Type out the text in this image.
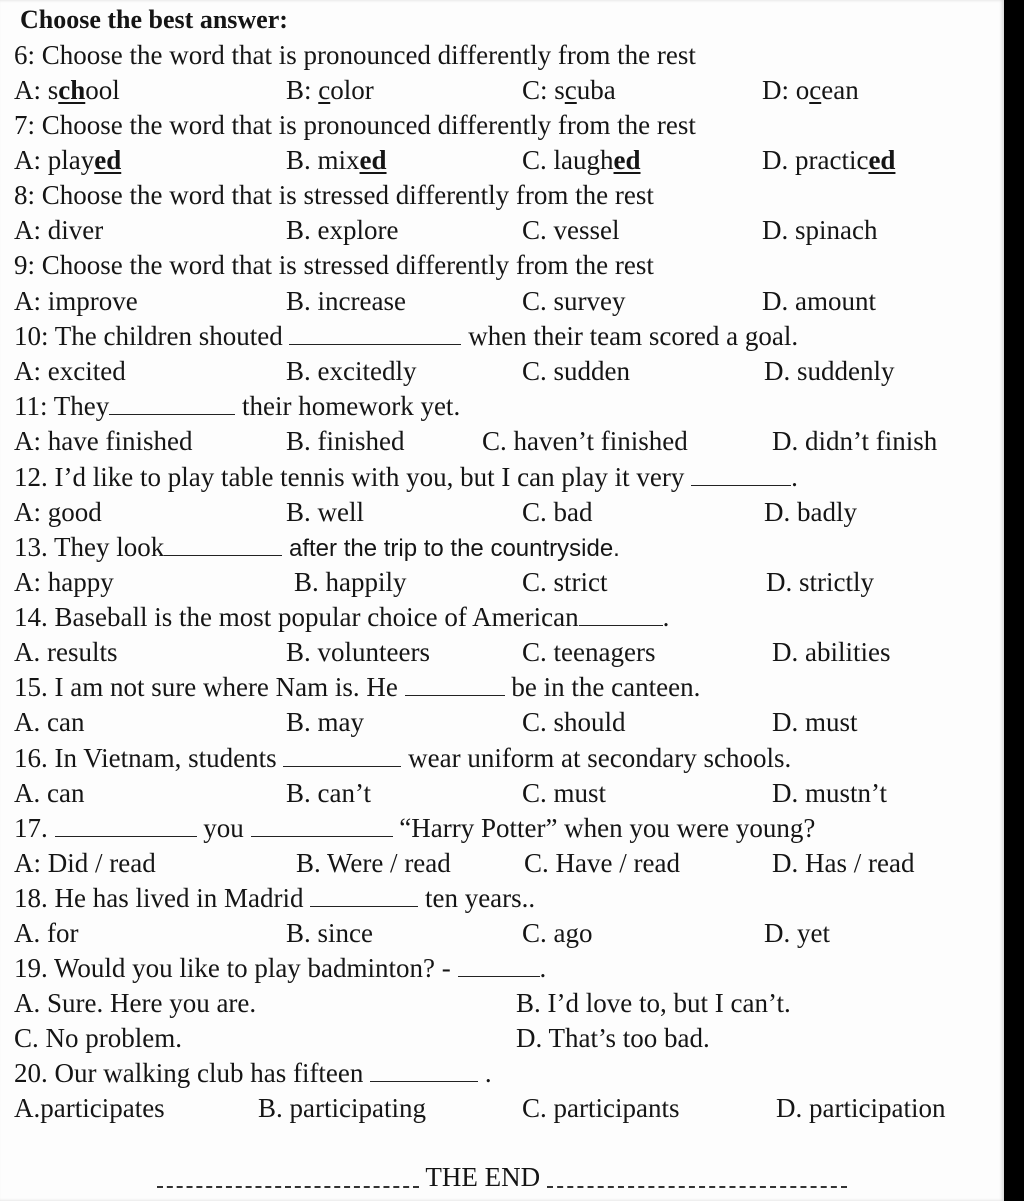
Choose the best answer:
6: Choose the word that is pronounced differently from the rest
A: school	B: color	C: scuba	D: ocean
7: Choose the word that is pronounced differently from the rest
A: played	B. mixed	C. laughed	D. practiced
8: Choose the word that is stressed differently from the rest
A: diver	B. explore	C. vessel	D. spinach
9: Choose the word that is stressed differently from the rest
A: improve	B. increase	C. survey	D. amount
10: The children shouted	when their team scored a goal.
A: excited	B. excitedly	C. sudden	D. suddenly
11: They	their homework yet.
A: have finished	B. finished	C. haven’t finished	D. didn’t finish
12. I’d like to play table tennis with you, but I can play it very	.
A: good	B. well	C. bad	D. badly
13. They look	after the trip to the countryside.
A: happy	B. happily	C. strict	D. strictly
14. Baseball is the most popular choice of American	.
A. results	B. volunteers	C. teenagers	D. abilities
15. I am not sure where Nam is. He	be in the canteen.
A. can	B. may	C. should	D. must
16. In Vietnam, students	wear uniform at secondary schools.
A. can	B. can’t	C. must	D. mustn’t
17.	you	“Harry Potter” when you were young?
A: Did / read	B. Were / read	C. Have / read	D. Has / read
18. He has lived in Madrid	ten years..
A. for	B. since	C. ago	D. yet
19. Would you like to play badminton? -	.
A. Sure. Here you are.	B. I’d love to, but I can’t.
C. No problem.	D. That’s too bad.
20. Our walking club has fifteen	.
A.participates	B. participating	C. participants	D. participation
THE END
